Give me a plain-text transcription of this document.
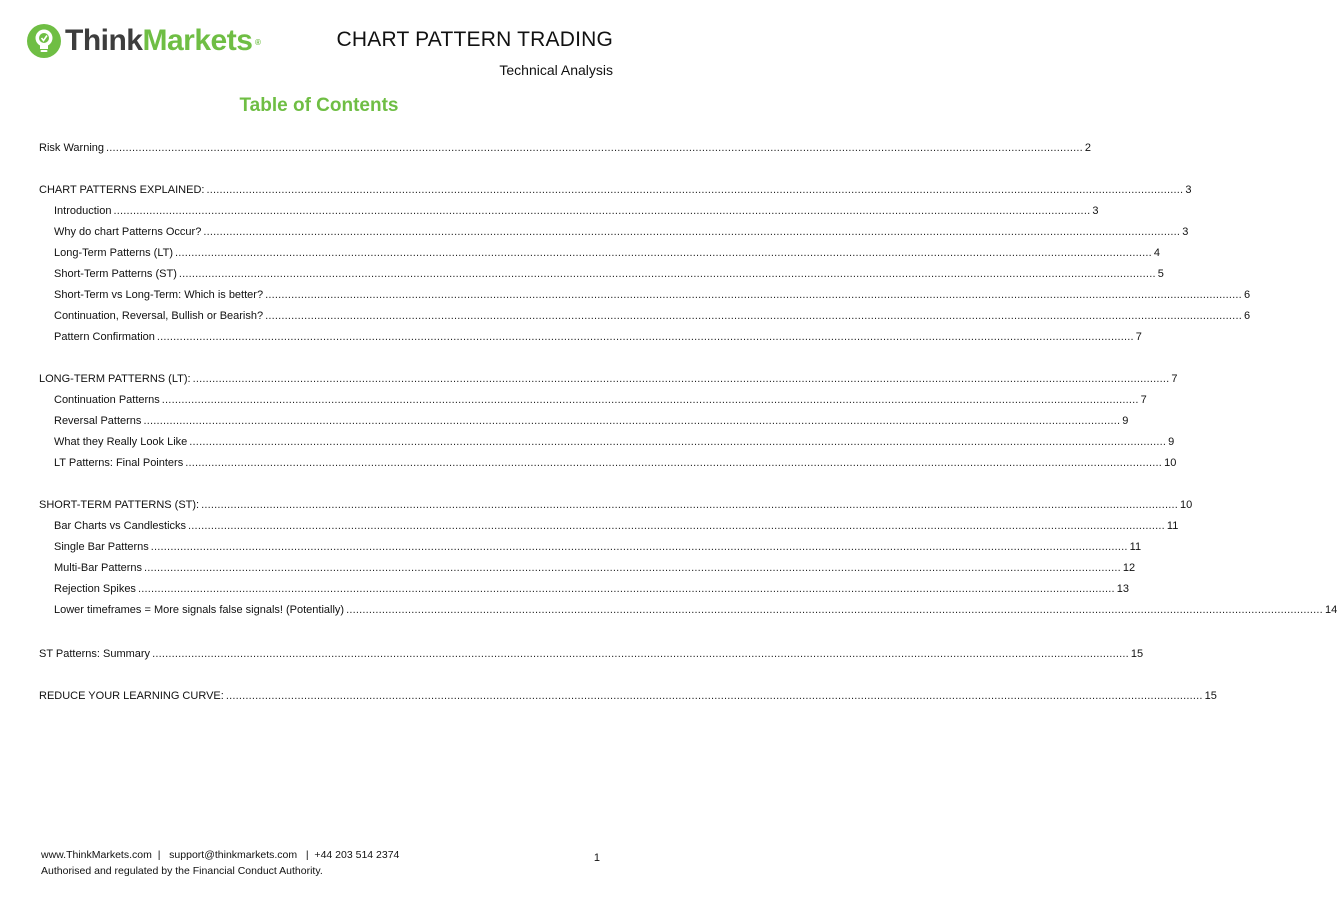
ThinkMarkets ®	CHART PATTERN TRADING
Technical Analysis
Table of Contents
Risk Warning ............................................................................................................................................................................................................................................................................................................ 2
CHART PATTERNS EXPLAINED: ............................................................................................................................................................................................................................................................................................................ 3
Introduction ............................................................................................................................................................................................................................................................................................................ 3
Why do chart Patterns Occur? ............................................................................................................................................................................................................................................................................................................ 3
Long-Term Patterns (LT) ............................................................................................................................................................................................................................................................................................................ 4
Short-Term Patterns (ST) ............................................................................................................................................................................................................................................................................................................ 5
Short-Term vs Long-Term: Which is better? ............................................................................................................................................................................................................................................................................................................ 6
Continuation, Reversal, Bullish or Bearish? ............................................................................................................................................................................................................................................................................................................ 6
Pattern Confirmation ............................................................................................................................................................................................................................................................................................................ 7
LONG-TERM PATTERNS (LT): ............................................................................................................................................................................................................................................................................................................ 7
Continuation Patterns ............................................................................................................................................................................................................................................................................................................ 7
Reversal Patterns ............................................................................................................................................................................................................................................................................................................ 9
What they Really Look Like ............................................................................................................................................................................................................................................................................................................ 9
LT Patterns: Final Pointers ............................................................................................................................................................................................................................................................................................................ 10
SHORT-TERM PATTERNS (ST): ............................................................................................................................................................................................................................................................................................................ 10
Bar Charts vs Candlesticks ............................................................................................................................................................................................................................................................................................................ 11
Single Bar Patterns ............................................................................................................................................................................................................................................................................................................ 11
Multi-Bar Patterns ............................................................................................................................................................................................................................................................................................................ 12
Rejection Spikes ............................................................................................................................................................................................................................................................................................................ 13
Lower timeframes = More signals false signals! (Potentially) ............................................................................................................................................................................................................................................................................................................ 14
ST Patterns: Summary ............................................................................................................................................................................................................................................................................................................ 15
REDUCE YOUR LEARNING CURVE: ............................................................................................................................................................................................................................................................................................................ 15
www.ThinkMarkets.com  |   support@thinkmarkets.com   |  +44 203 514 2374
Authorised and regulated by the Financial Conduct Authority.
1
